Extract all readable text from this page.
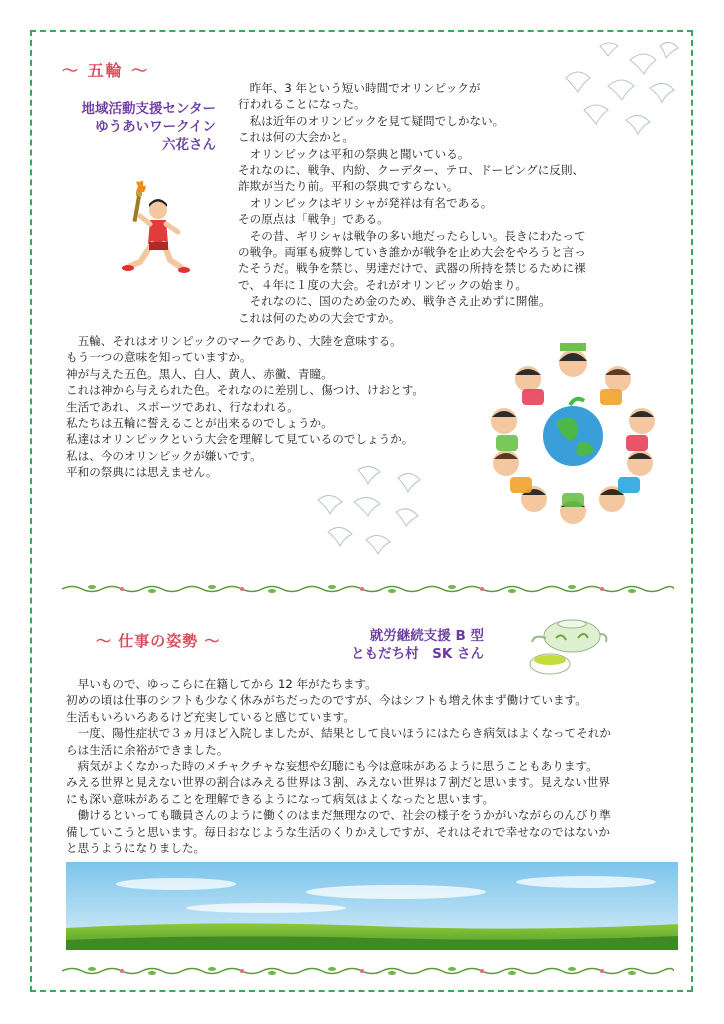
～ 五輪 ～
地域活動支援センター
ゆうあいワークイン
六花さん
　昨年、3 年という短い時間でオリンピックが
行われることになった。
　私は近年のオリンピックを見て疑問でしかない。
これは何の大会かと。
　オリンピックは平和の祭典と聞いている。
それなのに、戦争、内紛、クーデター、テロ、ドーピングに反則、
詐欺が当たり前。平和の祭典ですらない。
　オリンピックはギリシャが発祥は有名である。
その原点は「戦争」である。
　その昔、ギリシャは戦争の多い地だったらしい。長きにわたって
の戦争。両軍も疲弊していき誰かが戦争を止め大会をやろうと言っ
たそうだ。戦争を禁じ、男達だけで、武器の所持を禁じるために裸
で、４年に１度の大会。それがオリンピックの始まり。
　それなのに、国のため金のため、戦争さえ止めずに開催。
これは何のための大会ですか。
　五輪、それはオリンピックのマークであり、大陸を意味する。
もう一つの意味を知っていますか。
神が与えた五色。黒人、白人、黄人、赤黴、青瞳。
これは神から与えられた色。それなのに差別し、傷つけ、けおとす。
生活であれ、スポーツであれ、行なわれる。
私たちは五輪に誓えることが出来るのでしょうか。
私達はオリンピックという大会を理解して見ているのでしょうか。
私は、今のオリンピックが嫌いです。
平和の祭典には思えません。
～ 仕事の姿勢 ～	就労継続支援 B 型
ともだち村　SK さん
　早いもので、ゆっこらに在籍してから 12 年がたちます。
初めの頃は仕事のシフトも少なく休みがちだったのですが、今はシフトも増え休まず働けています。
生活もいろいろあるけど充実していると感じています。
　一度、陽性症状で３ヵ月ほど入院しましたが、結果として良いほうにはたらき病気はよくなってそれか
らは生活に余裕ができました。
　病気がよくなかった時のメチャクチャな妄想や幻聴にも今は意味があるように思うこともあります。
みえる世界と見えない世界の割合はみえる世界は３割、みえない世界は７割だと思います。見えない世界
にも深い意味があることを理解できるようになって病気はよくなったと思います。
　働けるといっても職員さんのように働くのはまだ無理なので、社会の様子をうかがいながらのんびり準
備していこうと思います。毎日おなじような生活のくりかえしですが、それはそれで幸せなのではないか
と思うようになりました。
